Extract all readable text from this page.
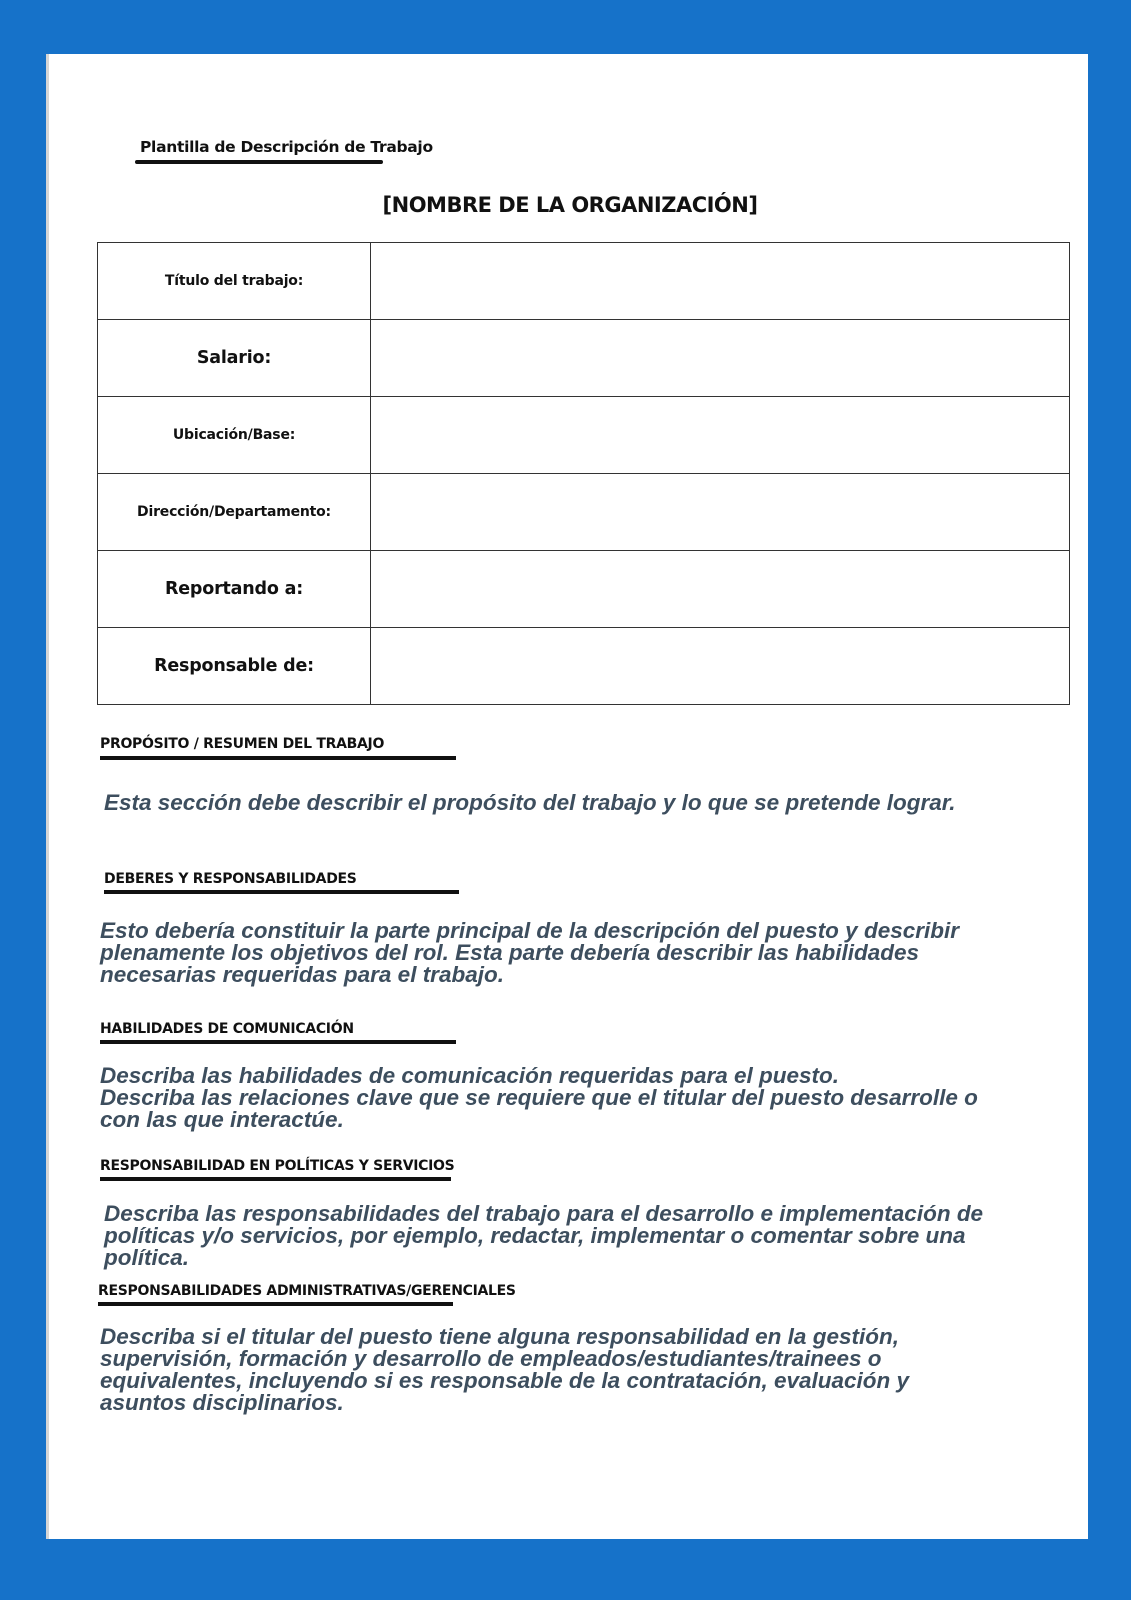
Plantilla de Descripción de Trabajo
[NOMBRE DE LA ORGANIZACIÓN]
Título del trabajo:	
Salario:	
Ubicación/Base:	
Dirección/Departamento:	
Reportando a:	
Responsable de:	
PROPÓSITO / RESUMEN DEL TRABAJO
Esta sección debe describir el propósito del trabajo y lo que se pretende lograr.
DEBERES Y RESPONSABILIDADES
Esto debería constituir la parte principal de la descripción del puesto y describir
plenamente los objetivos del rol. Esta parte debería describir las habilidades
necesarias requeridas para el trabajo.
HABILIDADES DE COMUNICACIÓN
Describa las habilidades de comunicación requeridas para el puesto.
Describa las relaciones clave que se requiere que el titular del puesto desarrolle o
con las que interactúe.
RESPONSABILIDAD EN POLÍTICAS Y SERVICIOS
Describa las responsabilidades del trabajo para el desarrollo e implementación de
políticas y/o servicios, por ejemplo, redactar, implementar o comentar sobre una
política.
RESPONSABILIDADES ADMINISTRATIVAS/GERENCIALES
Describa si el titular del puesto tiene alguna responsabilidad en la gestión,
supervisión, formación y desarrollo de empleados/estudiantes/trainees o
equivalentes, incluyendo si es responsable de la contratación, evaluación y
asuntos disciplinarios.
